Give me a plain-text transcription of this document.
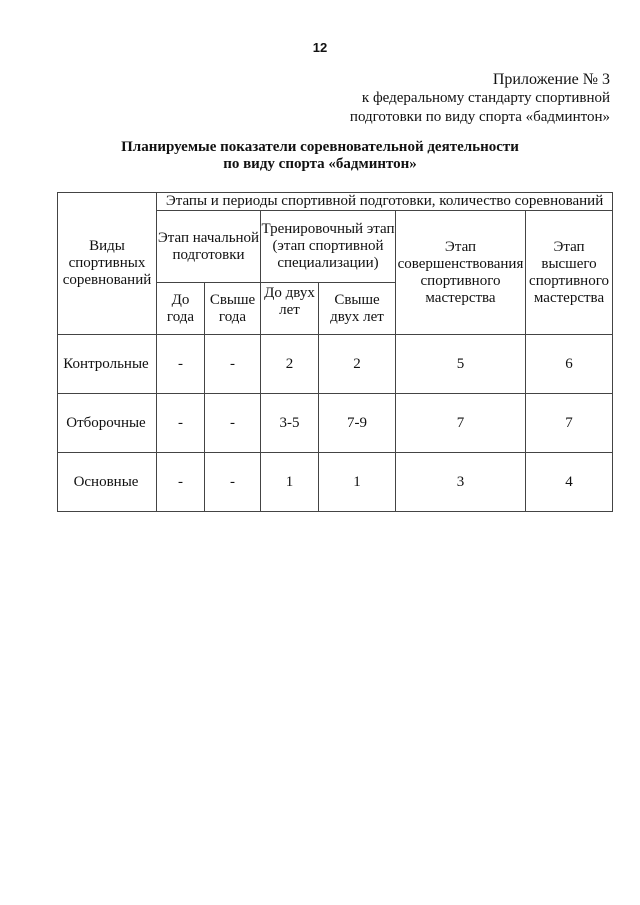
12
Приложение № 3
к федеральному стандарту спортивной
подготовки по виду спорта «бадминтон»
Планируемые показатели соревновательной деятельности
по виду спорта «бадминтон»
Виды спортивных соревнований	Этапы и периоды спортивной подготовки, количество соревнований					
	Этап начальной подготовки		Тренировочный этап (этап спортивной специализации)		Этап совершенствования спортивного мастерства	Этап высшего спортивного мастерства
	До года	Свыше года	До двух лет	Свыше двух лет		
Контрольные	-	-	2	2	5	6
Отборочные	-	-	3-5	7-9	7	7
Основные	-	-	1	1	3	4
